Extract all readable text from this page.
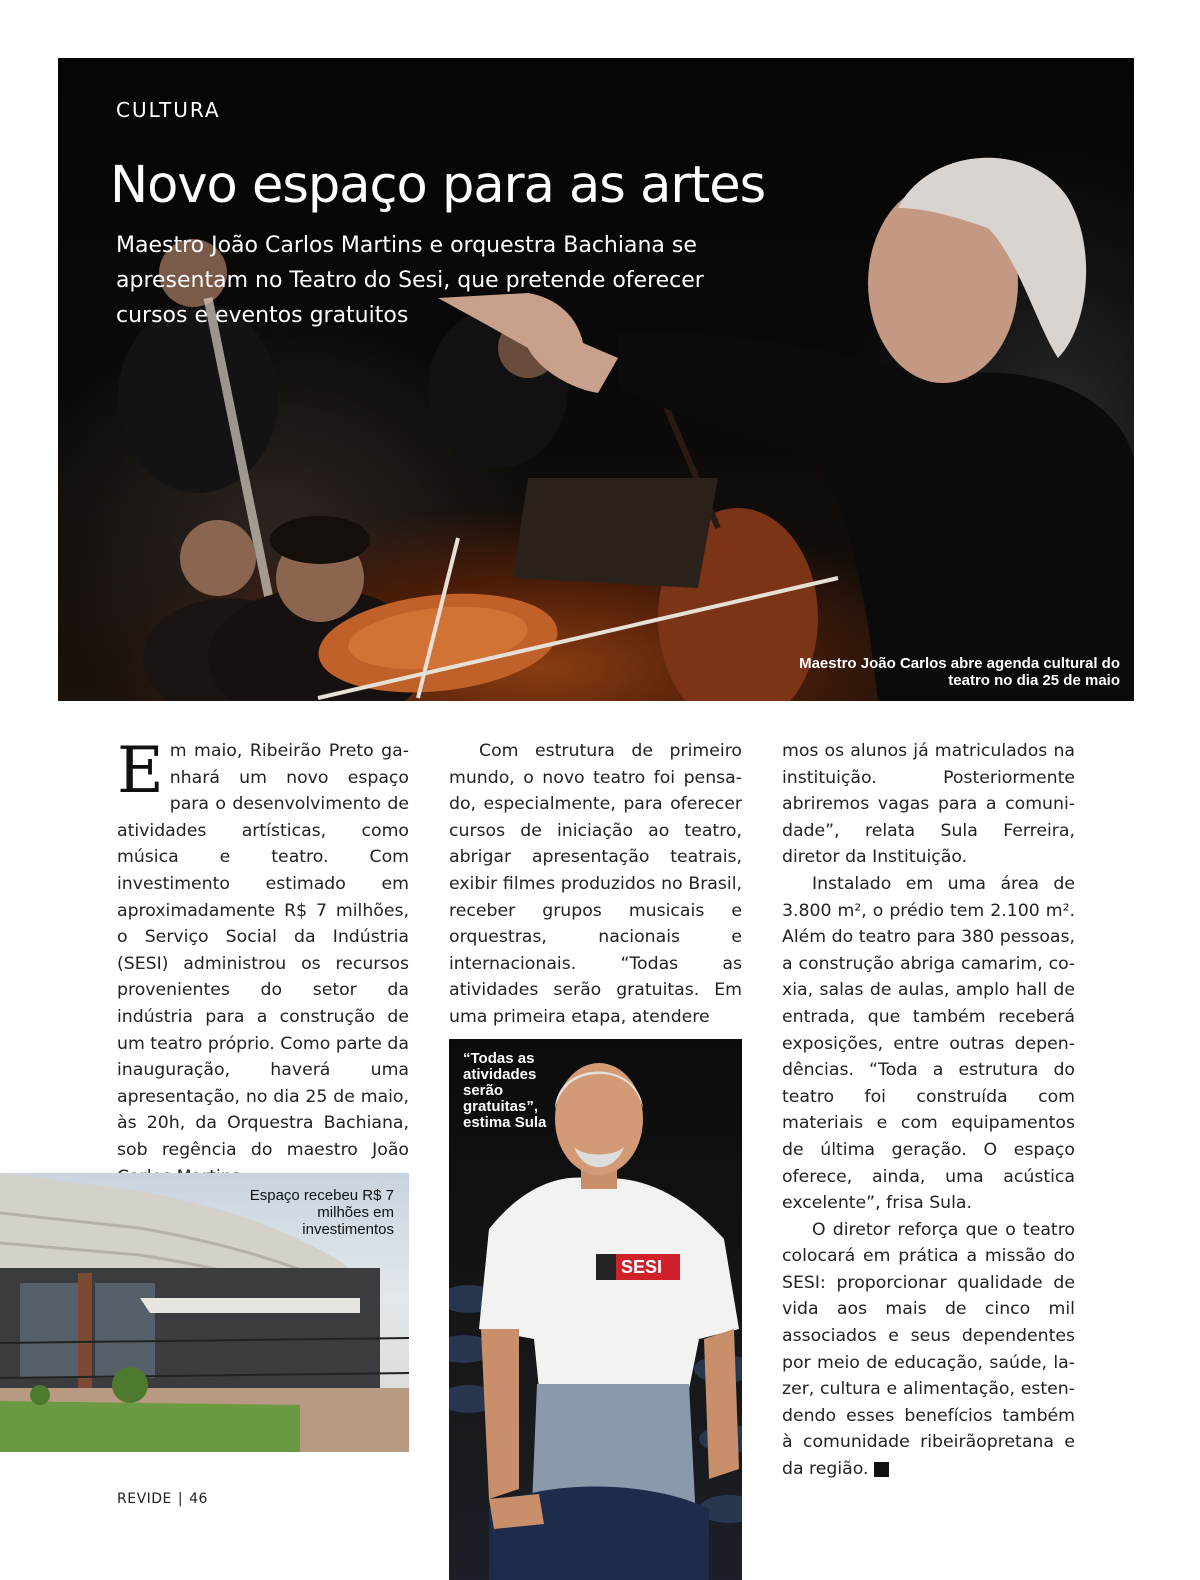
CULTURA
Novo espaço para as artes

Maestro João Carlos Martins e orquestra Bachiana se apresentam no Teatro do Sesi, que pretende oferecer cursos e eventos gratuitos

Maestro João Carlos abre agenda cultural do teatro no dia 25 de maio

Em maio, Ribeirão Preto ganhará um novo espaço para o desenvolvimento de atividades artísticas, como música e teatro. Com investimento estimado em aproximadamente R$ 7 milhões, o Serviço Social da Indústria (SESI) administrou os recursos provenientes do setor da indústria para a construção de um teatro próprio. Como parte da inauguração, haverá uma apresentação, no dia 25 de maio, às 20h, da Orquestra Bachiana, sob regência do maestro João

Com estrutura de primeiro mundo, o novo teatro foi pensado, especialmente, para oferecer cursos de iniciação ao teatro, abrigar apresentação teatrais, exibir filmes produzidos no Brasil, receber grupos musicais e orquestras, nacionais e internacionais. “Todas as atividades serão gratuitas. Em uma primeira etapa, atendere

mos os alunos já matriculados na instituição. Posteriormente abriremos vagas para a comunidade”, relata Sula Ferreira, diretor da Instituição.

Instalado em uma área de 3.800 m², o prédio tem 2.100 m². Além do teatro para 380 pessoas, a construção abriga camarim, coxia, salas de aulas, amplo hall de entrada, que também receberá exposições, entre outras dependências. “Toda a estrutura do teatro foi construída com materiais e com equipamentos de última geração. O espaço oferece, ainda, uma acústica excelente”, frisa Sula.

O diretor reforça que o teatro colocará em prática a missão do SESI: proporcionar qualidade de vida aos mais de cinco mil associados e seus dependentes por meio de educação, saúde, lazer, cultura e alimentação, estendendo esses benefícios também à comunidade ribeirãopretana e da região.	r

Espaço recebeu R$ 7 milhões em investimentos
SESI
“Todas as atividades serão gratuitas”, estima Sula
REVIDE | 46
